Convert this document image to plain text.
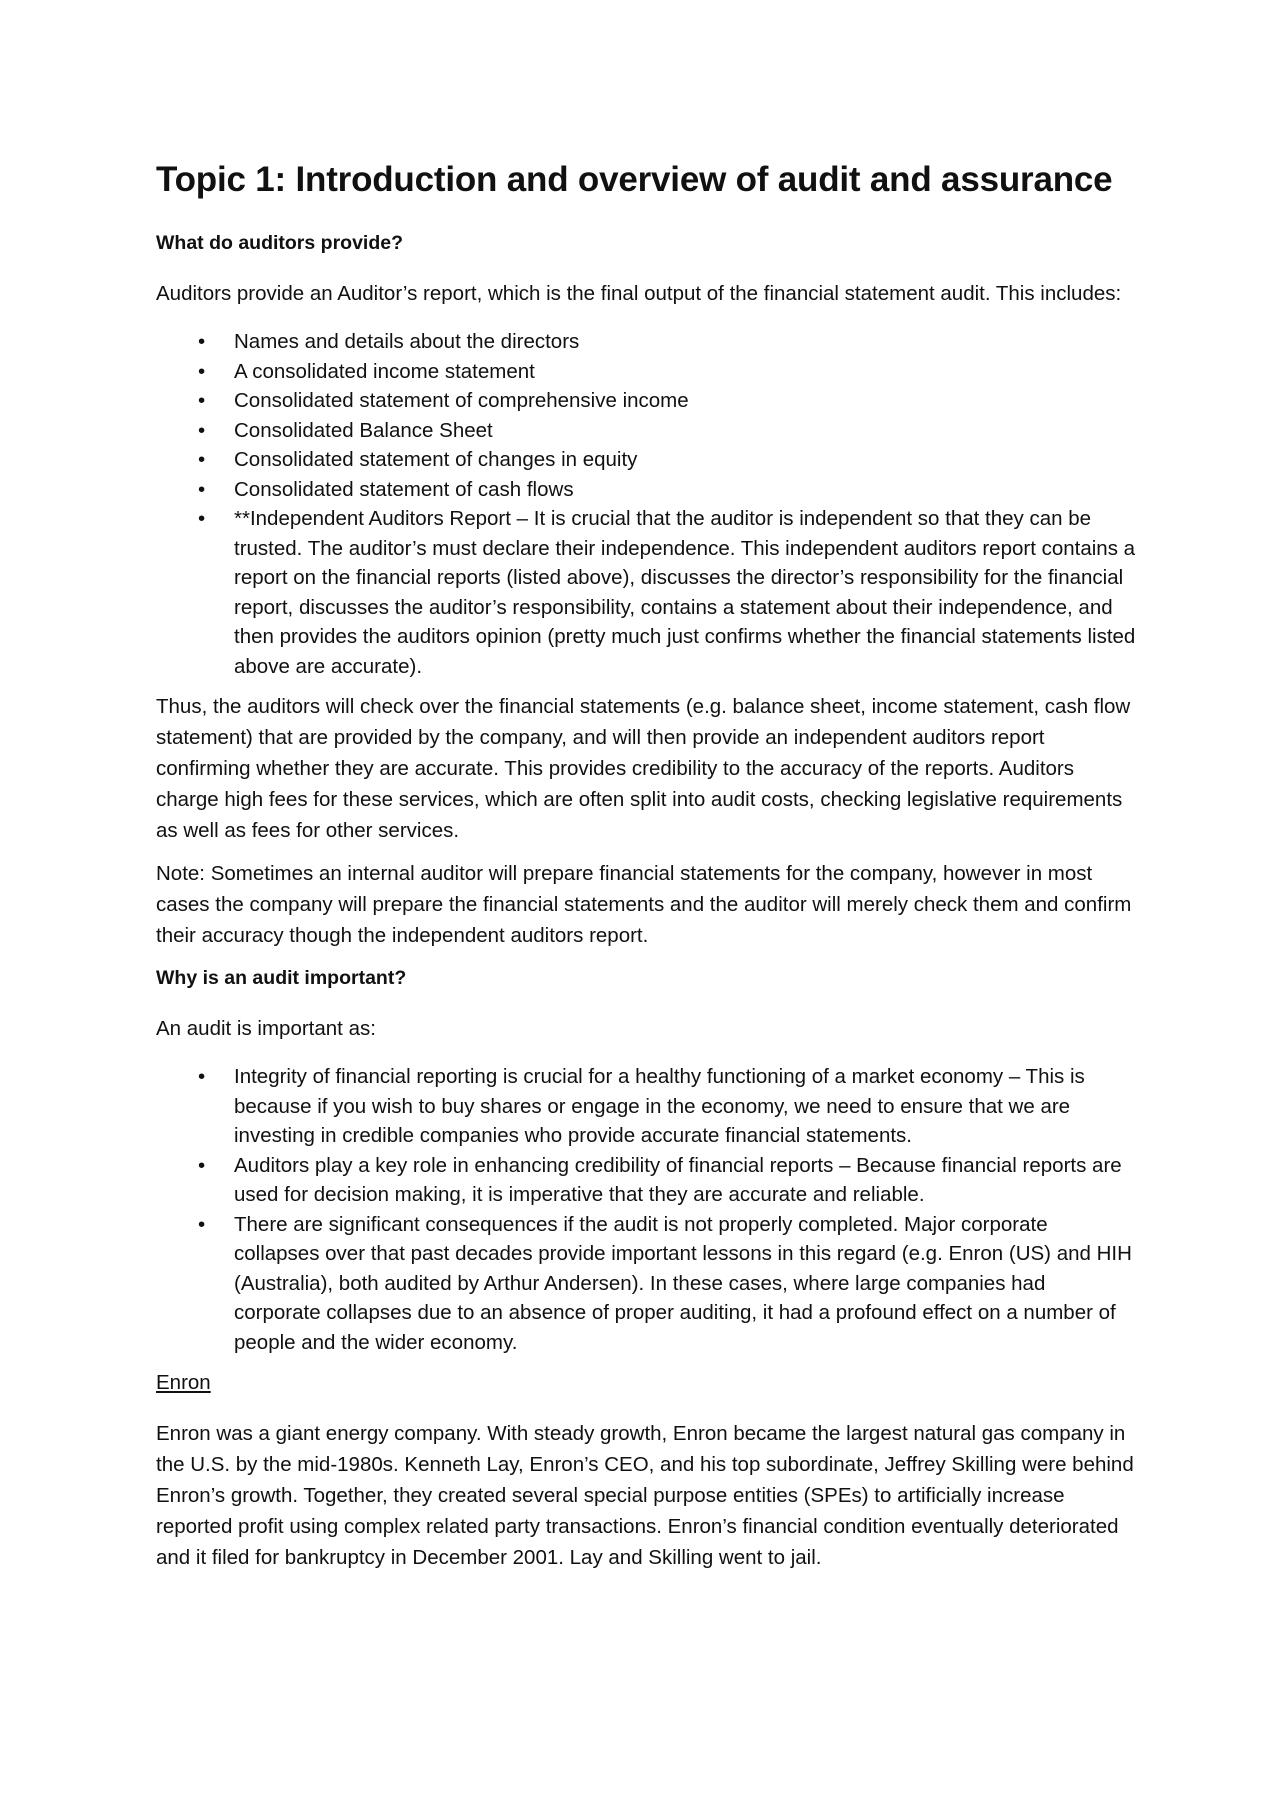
Topic 1: Introduction and overview of audit and assurance
What do auditors provide?

Auditors provide an Auditor’s report, which is the final output of the financial statement audit. This includes:

• Names and details about the directors
• A consolidated income statement
• Consolidated statement of comprehensive income
• Consolidated Balance Sheet
• Consolidated statement of changes in equity
• Consolidated statement of cash flows
• **Independent Auditors Report – It is crucial that the auditor is independent so that they can be trusted. The auditor’s must declare their independence. This independent auditors report contains a report on the financial reports (listed above), discusses the director’s responsibility for the financial report, discusses the auditor’s responsibility, contains a statement about their independence, and then provides the auditors opinion (pretty much just confirms whether the financial statements listed above are accurate).

Thus, the auditors will check over the financial statements (e.g. balance sheet, income statement, cash flow statement) that are provided by the company, and will then provide an independent auditors report confirming whether they are accurate. This provides credibility to the accuracy of the reports. Auditors charge high fees for these services, which are often split into audit costs, checking legislative requirements as well as fees for other services.

Note: Sometimes an internal auditor will prepare financial statements for the company, however in most cases the company will prepare the financial statements and the auditor will merely check them and confirm their accuracy though the independent auditors report.

Why is an audit important?

An audit is important as:

• Integrity of financial reporting is crucial for a healthy functioning of a market economy – This is because if you wish to buy shares or engage in the economy, we need to ensure that we are investing in credible companies who provide accurate financial statements.
• Auditors play a key role in enhancing credibility of financial reports – Because financial reports are used for decision making, it is imperative that they are accurate and reliable.
• There are significant consequences if the audit is not properly completed. Major corporate collapses over that past decades provide important lessons in this regard (e.g. Enron (US) and HIH (Australia), both audited by Arthur Andersen). In these cases, where large companies had corporate collapses due to an absence of proper auditing, it had a profound effect on a number of people and the wider economy.

Enron

Enron was a giant energy company. With steady growth, Enron became the largest natural gas company in the U.S. by the mid-1980s. Kenneth Lay, Enron’s CEO, and his top subordinate, Jeffrey Skilling were behind Enron’s growth. Together, they created several special purpose entities (SPEs) to artificially increase reported profit using complex related party transactions. Enron’s financial condition eventually deteriorated and it filed for bankruptcy in December 2001. Lay and Skilling went to jail.
